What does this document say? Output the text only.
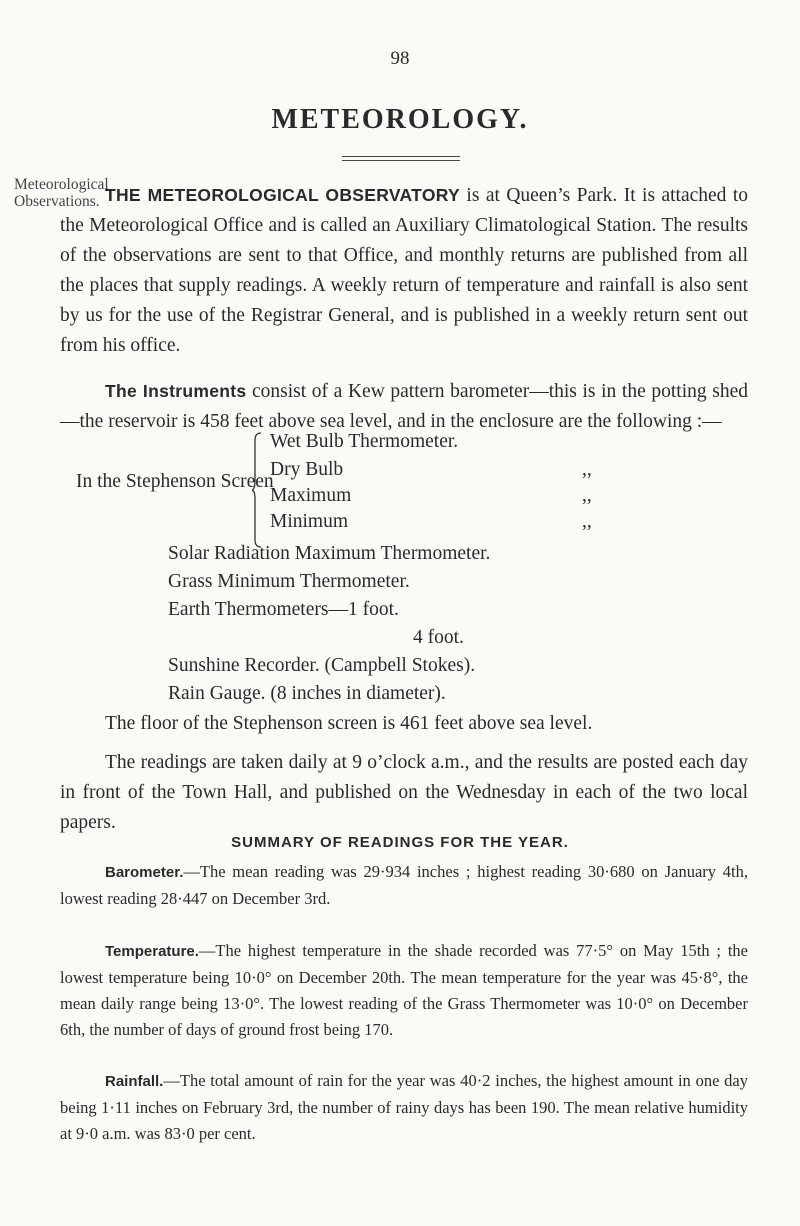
98
METEOROLOGY.
Meteorological
Observations. THE METEOROLOGICAL OBSERVATORY is at Queen’s Park. It is attached to the Meteorological Office and is called an Auxiliary Climatological Station. The results of the observations are sent to that Office, and monthly returns are published from all the places that supply readings. A weekly return of temperature and rainfall is also sent by us for the use of the Registrar General, and is published in a weekly return sent out from his office.
The Instruments consist of a Kew pattern barometer—this is in the potting shed—the reservoir is 458 feet above sea level, and in the enclosure are the following :—
In the Stephenson Screen
Wet Bulb Thermometer.
Dry Bulb
Maximum
Minimum
,,
,,
,,
Solar Radiation Maximum Thermometer.
Grass Minimum Thermometer.
Earth Thermometers—1 foot.
4 foot.
Sunshine Recorder. (Campbell Stokes).
Rain Gauge. (8 inches in diameter).
The floor of the Stephenson screen is 461 feet above sea level.
The readings are taken daily at 9 o’clock a.m., and the results are posted each day in front of the Town Hall, and published on the Wednesday in each of the two local papers.
SUMMARY OF READINGS FOR THE YEAR.
Barometer.—The mean reading was 29·934 inches ; highest reading 30·680 on January 4th, lowest reading 28·447 on December 3rd.
Temperature.—The highest temperature in the shade recorded was 77·5° on May 15th ; the lowest temperature being 10·0° on December 20th. The mean temperature for the year was 45·8°, the mean daily range being 13·0°. The lowest reading of the Grass Thermometer was 10·0° on December 6th, the number of days of ground frost being 170.
Rainfall.—The total amount of rain for the year was 40·2 inches, the highest amount in one day being 1·11 inches on February 3rd, the number of rainy days has been 190. The mean relative humidity at 9·0 a.m. was 83·0 per cent.
